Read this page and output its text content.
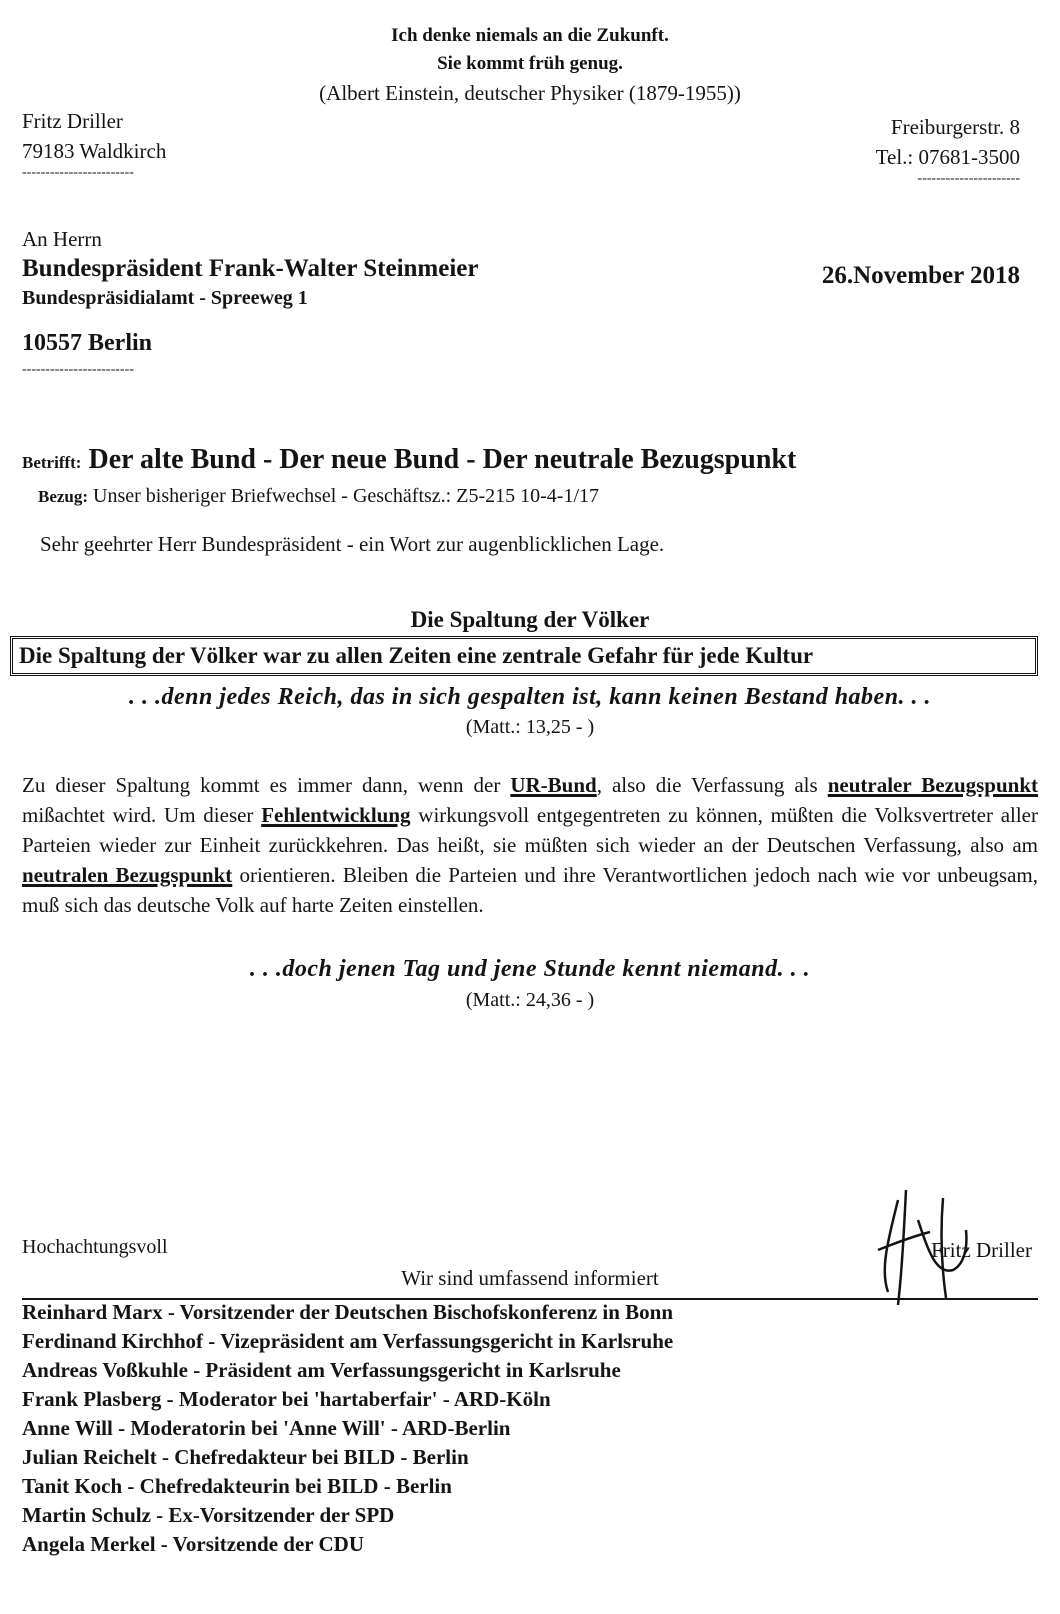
Ich denke niemals an die Zukunft.
Sie kommt früh genug.
(Albert Einstein, deutscher Physiker (1879-1955))
Fritz Driller
79183 Waldkirch
------------------------
Freiburgerstr. 8
Tel.: 07681-3500
----------------------
An Herrn
Bundespräsident Frank-Walter Steinmeier
Bundespräsidialamt - Spreeweg 1
10557 Berlin
------------------------
26.November 2018
Betrifft: Der alte Bund - Der neue Bund - Der neutrale Bezugspunkt
Bezug: Unser bisheriger Briefwechsel - Geschäftsz.: Z5-215 10-4-1/17
Sehr geehrter Herr Bundespräsident - ein Wort zur augenblicklichen Lage.
Die Spaltung der Völker
Die Spaltung der Völker war zu allen Zeiten eine zentrale Gefahr für jede Kultur
. . .denn jedes Reich, das in sich gespalten ist, kann keinen Bestand haben. . .
(Matt.: 13,25 - )
Zu dieser Spaltung kommt es immer dann, wenn der UR-Bund, also die Verfassung als neutraler Bezugspunkt mißachtet wird. Um dieser Fehlentwicklung wirkungsvoll entgegentreten zu können, müßten die Volksvertreter aller Parteien wieder zur Einheit zurückkehren. Das heißt, sie müßten sich wieder an der Deutschen Verfassung, also am neutralen Bezugspunkt orientieren. Bleiben die Parteien und ihre Verantwortlichen jedoch nach wie vor unbeugsam, muß sich das deutsche Volk auf harte Zeiten einstellen.
. . .doch jenen Tag und jene Stunde kennt niemand. . .
(Matt.: 24,36 - )
Hochachtungsvoll	Fritz Driller
Wir sind umfassend informiert
Reinhard Marx - Vorsitzender der Deutschen Bischofskonferenz in Bonn
Ferdinand Kirchhof - Vizepräsident am Verfassungsgericht in Karlsruhe
Andreas Voßkuhle - Präsident am Verfassungsgericht in Karlsruhe
Frank Plasberg - Moderator bei 'hartaberfair' - ARD-Köln
Anne Will - Moderatorin bei 'Anne Will' - ARD-Berlin
Julian Reichelt - Chefredakteur bei BILD - Berlin
Tanit Koch - Chefredakteurin bei BILD - Berlin
Martin Schulz - Ex-Vorsitzender der SPD
Angela Merkel - Vorsitzende der CDU
